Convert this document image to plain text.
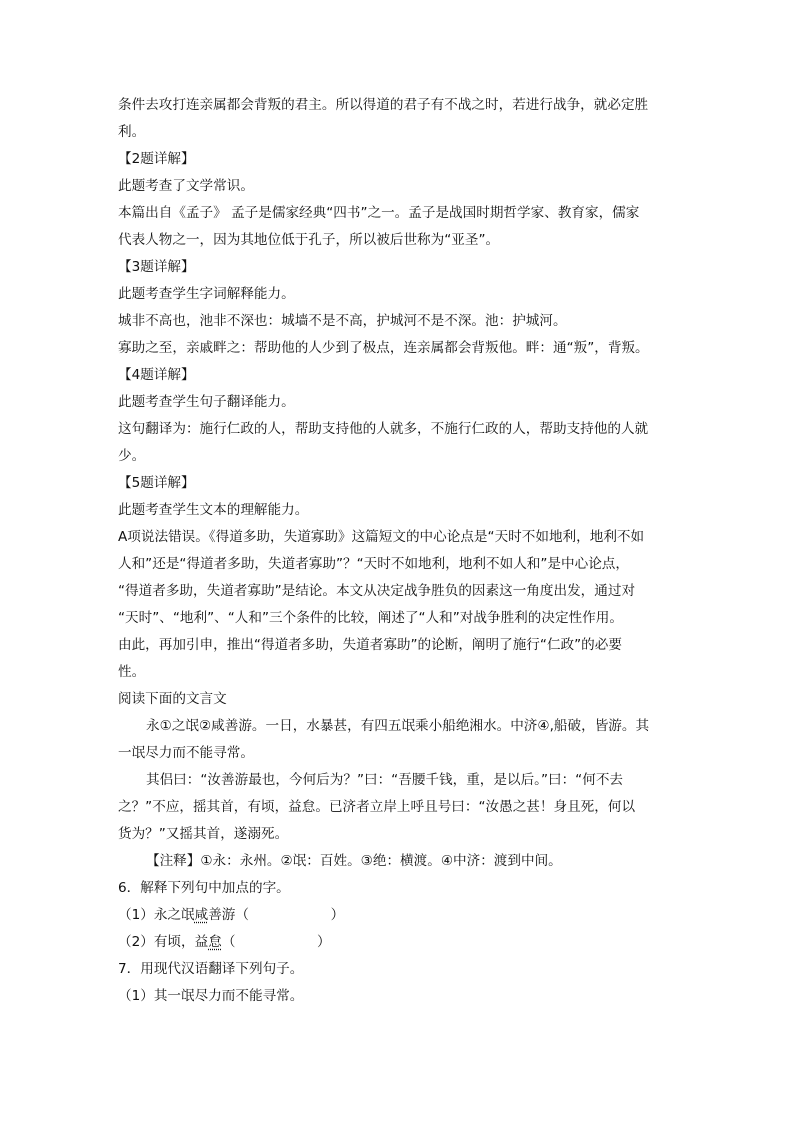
条件去攻打连亲属都会背叛的君主。所以得道的君子有不战之时，若进行战争，就必定胜
利。
【2题详解】
此题考查了文学常识。
本篇出自《孟子》 孟子是儒家经典“四书”之一。孟子是战国时期哲学家、教育家，儒家
代表人物之一，因为其地位低于孔子，所以被后世称为“亚圣”。
【3题详解】
此题考查学生字词解释能力。
城非不高也，池非不深也：城墙不是不高，护城河不是不深。池：护城河。
寡助之至，亲戚畔之：帮助他的人少到了极点，连亲属都会背叛他。畔：通“叛”，背叛。
【4题详解】
此题考查学生句子翻译能力。
这句翻译为：施行仁政的人，帮助支持他的人就多，不施行仁政的人，帮助支持他的人就
少。
【5题详解】
此题考查学生文本的理解能力。
A项说法错误。《得道多助，失道寡助》这篇短文的中心论点是“天时不如地利，地利不如
人和”还是“得道者多助，失道者寡助”？“天时不如地利，地利不如人和”是中心论点，
“得道者多助，失道者寡助”是结论。本文从决定战争胜负的因素这一角度出发，通过对
“天时”、“地利”、“人和”三个条件的比较，阐述了“人和”对战争胜利的决定性作用。
由此，再加引申，推出“得道者多助，失道者寡助”的论断，阐明了施行“仁政”的必要
性。
阅读下面的文言文
永①之氓②咸善游。一日，水暴甚，有四五氓乘小船绝湘水。中济④,船破，皆游。其
一氓尽力而不能寻常。
其侣曰：“汝善游最也，今何后为？”曰：“吾腰千钱，重，是以后。”曰：“何不去
之？”不应，摇其首，有顷，益怠。已济者立岸上呼且号曰：“汝愚之甚！身且死，何以
货为？”又摇其首，遂溺死。
【注释】①永：永州。②氓：百姓。③绝：横渡。④中济：渡到中间。
6．解释下列句中加点的字。
（1）永之氓咸善游（　　　　　　	）
（2）有顷，益怠（　　　　　　	）
7．用现代汉语翻译下列句子。
（1）其一氓尽力而不能寻常。
